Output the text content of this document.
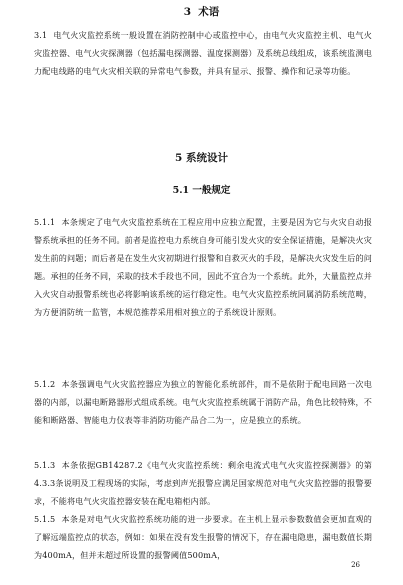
3  术语
3.1 电气火灾监控系统一般设置在消防控制中心或监控中心，由电气火灾监控主机、电气火灾监控器、电气火灾探测器（包括漏电探测器、温度探测器）及系统总线组成，该系统监测电力配电线路的电气火灾相关联的异常电气参数，并具有显示、报警、操作和记录等功能。
5 系统设计
5.1 一般规定
5.1.1 本条规定了电气火灾监控系统在工程应用中应独立配置，主要是因为它与火灾自动报警系统承担的任务不同。前者是监控电力系统自身可能引发火灾的安全保证措施，是解决火灾发生前的问题；而后者是在发生火灾初期进行报警和自救灭火的手段，是解决火灾发生后的问题。承担的任务不同，采取的技术手段也不同，因此不宜合为一个系统。此外，大量监控点并入火灾自动报警系统也必将影响该系统的运行稳定性。电气火灾监控系统同属消防系统范畴，为方便消防统一监管，本规范推荐采用相对独立的子系统设计原则。
5.1.2 本条强调电气火灾监控器应为独立的智能化系统部件，而不是依附于配电回路一次电器的内部，以漏电断路器形式组成系统。电气火灾监控系统属于消防产品，角色比较特殊，不能和断路器、智能电力仪表等非消防功能产品合二为一，应是独立的系统。
5.1.3 本条依据GB14287.2《电气火灾监控系统：剩余电流式电气火灾监控探测器》的第4.3.3条说明及工程现场的实际，考虑到声光报警应满足国家规范对电气火灾监控器的报警要求，不能将电气火灾监控器安装在配电箱柜内部。
5.1.5 本条是对电气火灾监控系统功能的进一步要求。在主机上显示参数数值会更加直观的了解远端监控点的状态，例如：如果在没有发生报警的情况下，存在漏电隐患，漏电数值长期为400mA，但并未超过所设置的报警阈值500mA，
26
